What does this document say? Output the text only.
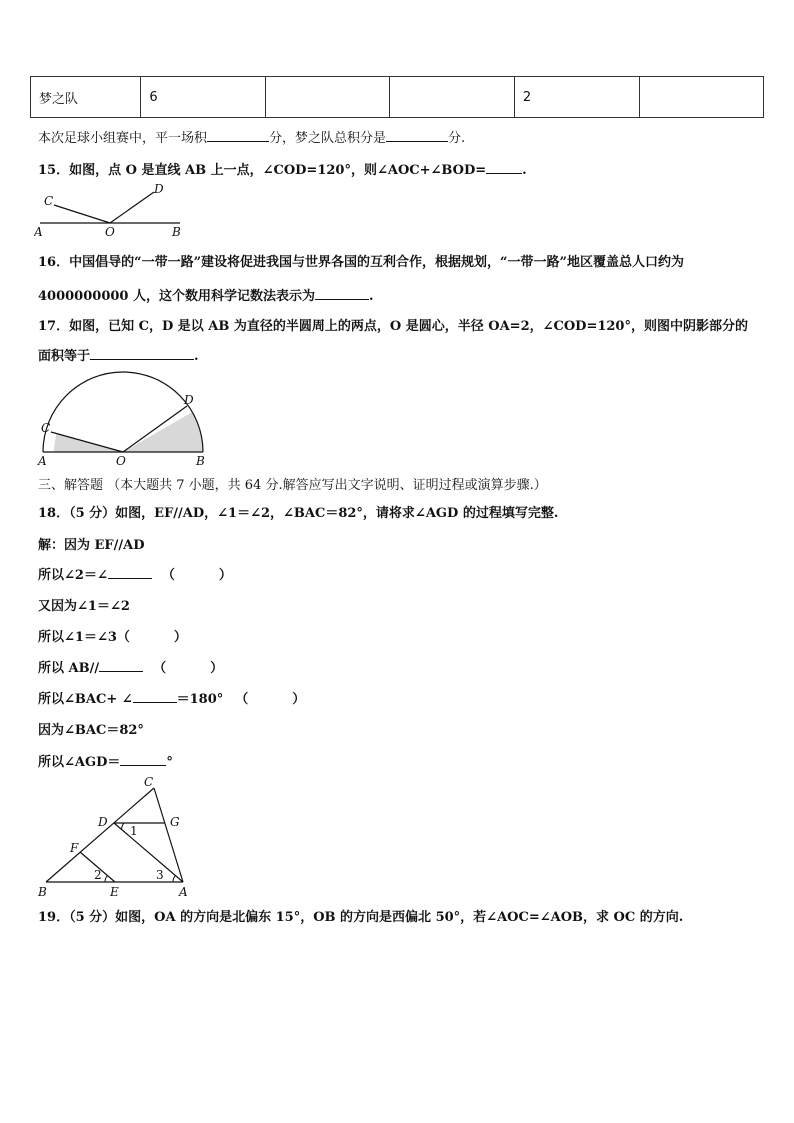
梦之队	6			2	
本次足球小组赛中，平一场积	分，梦之队总积分是	分.
15．如图，点 O 是直线 AB 上一点，∠COD=120°，则∠AOC+∠BOD=	.
A	O	B
C
D
16．中国倡导的“一带一路”建设将促进我国与世界各国的互利合作，根据规划，“一带一路”地区覆盖总人口约为
4000000000 人，这个数用科学记数法表示为	.
17．如图，已知 C，D 是以 AB 为直径的半圆周上的两点，O 是圆心，半径 OA=2，∠COD=120°，则图中阴影部分的
面积等于	.
A	O	B
C
D
三、解答题 （本大题共 7 小题，共 64 分.解答应写出文字说明、证明过程或演算步骤.）
18．（5 分）如图，EF//AD，∠1＝∠2，∠BAC＝82°，请将求∠AGD 的过程填写完整.
解：因为 EF//AD
所以∠2＝∠	（	）
又因为∠1＝∠2
所以∠1＝∠3（	）
所以 AB//	（	）
所以∠BAC+ ∠	＝180° （	）
因为∠BAC＝82°
所以∠AGD＝	°
C
D	G
F
B	E	A
1
2	3
19．（5 分）如图，OA 的方向是北偏东 15°，OB 的方向是西偏北 50°，若∠AOC=∠AOB，求 OC 的方向.
